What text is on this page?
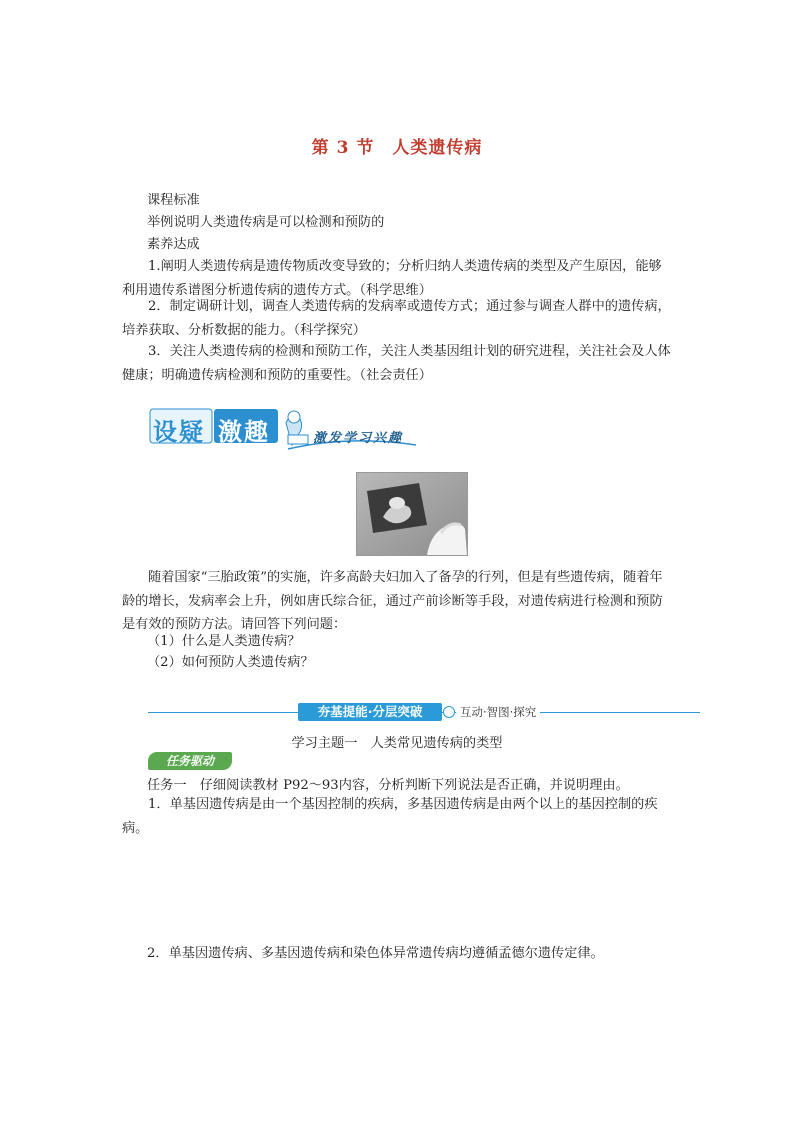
第 3 节　人类遗传病
课程标准
举例说明人类遗传病是可以检测和预防的
素养达成
1.阐明人类遗传病是遗传物质改变导致的；分析归纳人类遗传病的类型及产生原因，能够利用遗传系谱图分析遗传病的遗传方式。（科学思维）
2．制定调研计划，调查人类遗传病的发病率或遗传方式；通过参与调查人群中的遗传病，培养获取、分析数据的能力。（科学探究）
3．关注人类遗传病的检测和预防工作，关注人类基因组计划的研究进程，关注社会及人体健康；明确遗传病检测和预防的重要性。（社会责任）
设疑 激趣	激发学习兴趣
随着国家“三胎政策”的实施，许多高龄夫妇加入了备孕的行列，但是有些遗传病，随着年龄的增长，发病率会上升，例如唐氏综合征，通过产前诊断等手段，对遗传病进行检测和预防是有效的预防方法。请回答下列问题：
（1）什么是人类遗传病？
（2）如何预防人类遗传病？
夯基提能·分层突破	互动·智图·探究
学习主题一　人类常见遗传病的类型
任务驱动
任务一　仔细阅读教材 P92～93内容，分析判断下列说法是否正确，并说明理由。
1．单基因遗传病是由一个基因控制的疾病，多基因遗传病是由两个以上的基因控制的疾病。
2．单基因遗传病、多基因遗传病和染色体异常遗传病均遵循孟德尔遗传定律。
